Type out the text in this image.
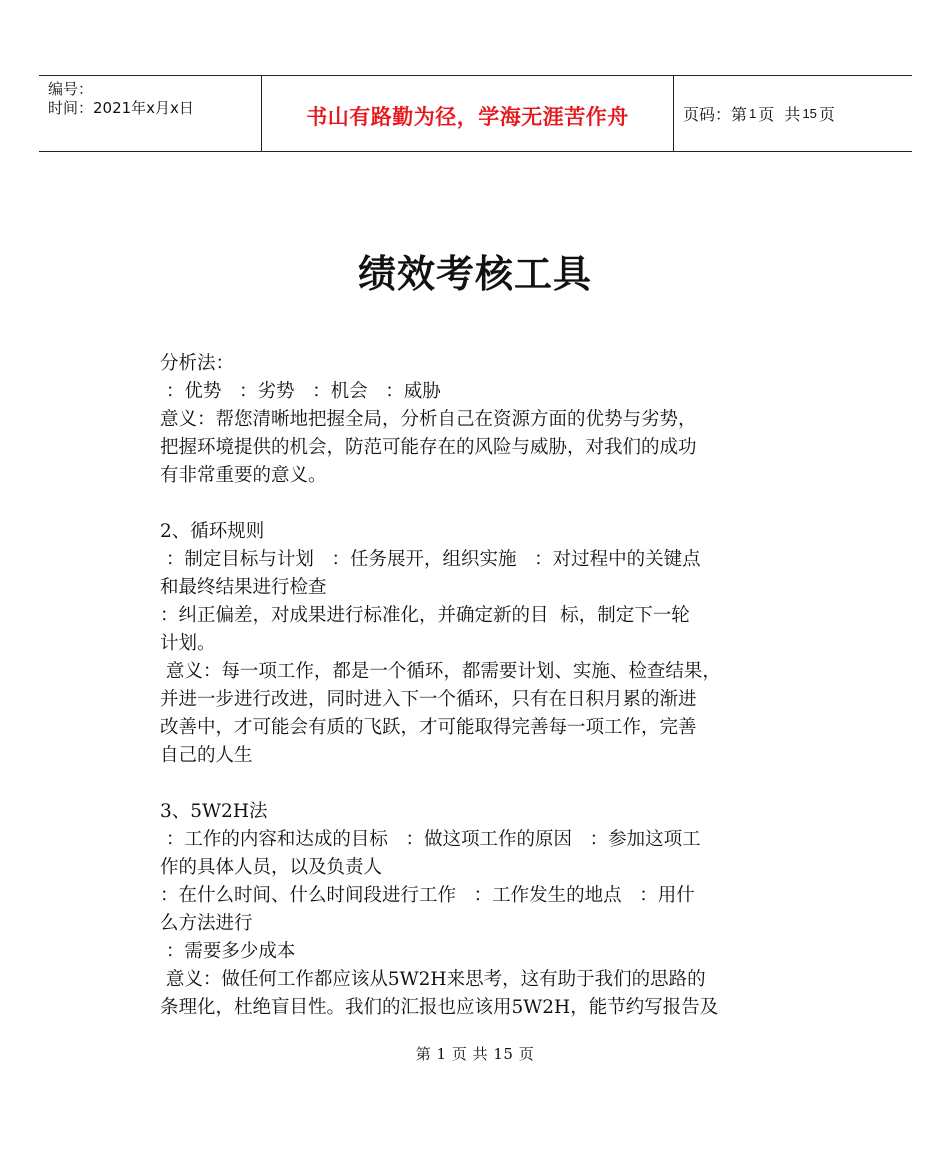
编号：
时间：2021年x月x日	书山有路勤为径，学海无涯苦作舟	页码：第 1 页  共 15 页
绩效考核工具

分析法：

：优势   ：劣势   ：机会   ：威胁

意义：帮您清晰地把握全局，分析自己在资源方面的优势与劣势，

把握环境提供的机会，防范可能存在的风险与威胁，对我们的成功

有非常重要的意义。

2、循环规则

：制定目标与计划   ：任务展开，组织实施   ：对过程中的关键点

和最终结果进行检查

：纠正偏差，对成果进行标准化，并确定新的目  标，制定下一轮

计划。

意义：每一项工作，都是一个循环，都需要计划、实施、检查结果，

并进一步进行改进，同时进入下一个循环，只有在日积月累的渐进

改善中，才可能会有质的飞跃，才可能取得完善每一项工作，完善

自己的人生

3、5W2H法

：工作的内容和达成的目标   ：做这项工作的原因   ：参加这项工

作的具体人员，以及负责人

：在什么时间、什么时间段进行工作   ：工作发生的地点   ：用什

么方法进行

：需要多少成本

意义：做任何工作都应该从5W2H来思考，这有助于我们的思路的

条理化，杜绝盲目性。我们的汇报也应该用5W2H，能节约写报告及

第 1 页 共 15 页
